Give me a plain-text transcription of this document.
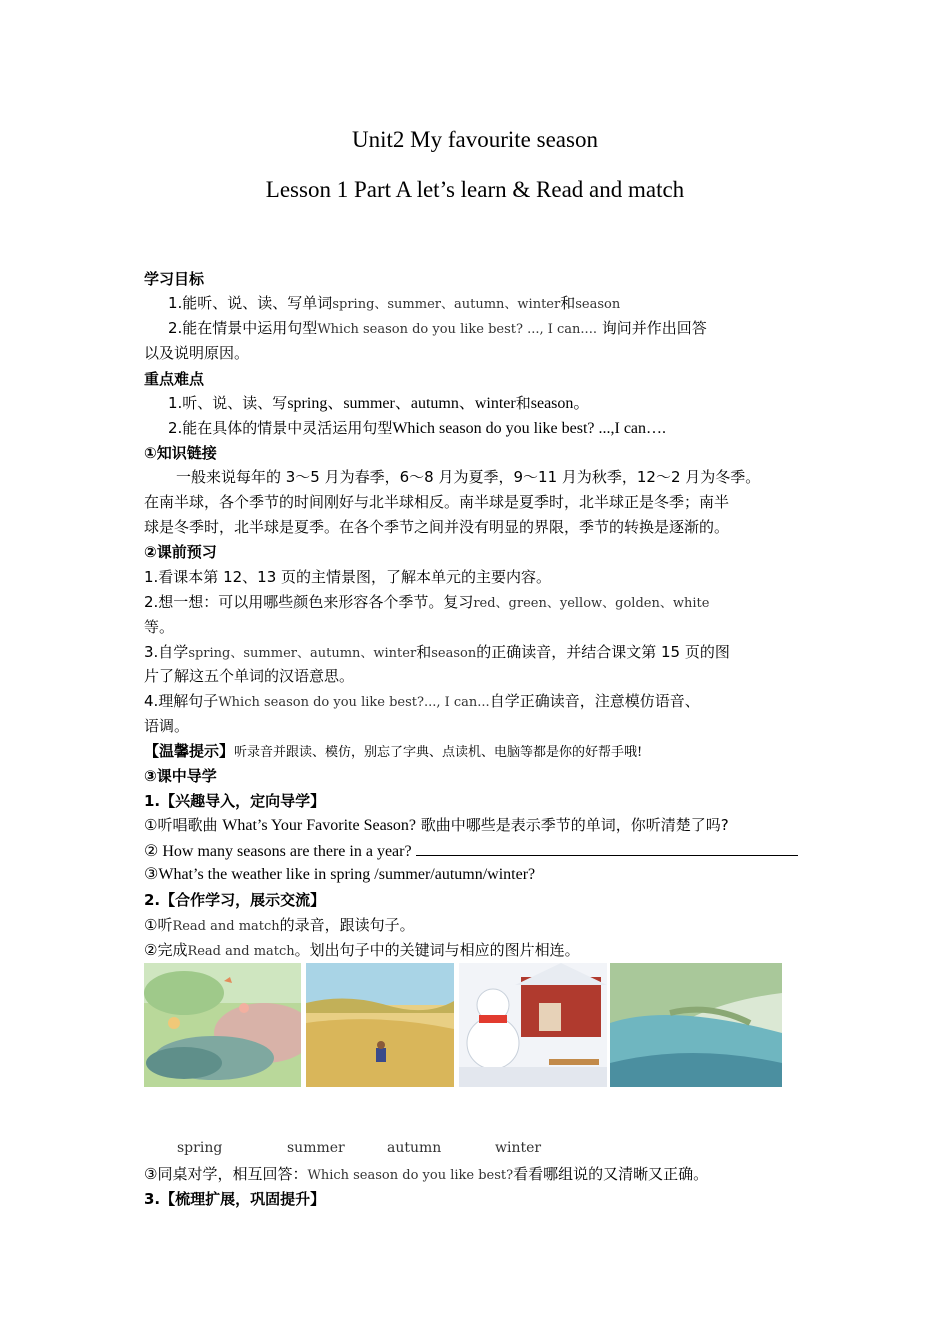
Unit2 My favourite season
Lesson 1 Part A let’s learn & Read and match
学习目标
1.能听、说、读、写单词spring、summer、autumn、winter和season
2.能在情景中运用句型Which season do you like best? ..., I can.... 询问并作出回答
以及说明原因。
重点难点
1.听、说、读、写spring、summer、autumn、winter和season。
2.能在具体的情景中灵活运用句型Which season do you like best? ...,I can….
①知识链接
一般来说每年的 3～5 月为春季，6～8 月为夏季，9～11 月为秋季，12～2 月为冬季。
在南半球，各个季节的时间刚好与北半球相反。南半球是夏季时，北半球正是冬季；南半
球是冬季时，北半球是夏季。在各个季节之间并没有明显的界限，季节的转换是逐渐的。
②课前预习
1.看课本第 12、13 页的主情景图，了解本单元的主要内容。
2.想一想：可以用哪些颜色来形容各个季节。复习red、green、yellow、golden、white
等。
3.自学spring、summer、autumn、winter和season的正确读音，并结合课文第 15 页的图
片了解这五个单词的汉语意思。
4.理解句子Which season do you like best?..., I can...自学正确读音，注意模仿语音、
语调。
【温馨提示】听录音并跟读、模仿，别忘了字典、点读机、电脑等都是你的好帮手哦!
③课中导学
1.【兴趣导入，定向导学】
①听唱歌曲 What’s Your Favorite Season? 歌曲中哪些是表示季节的单词，你听清楚了吗?
② How many seasons are there in a year?
③What’s the weather like in spring /summer/autumn/winter?
2.【合作学习，展示交流】
①听Read and match的录音，跟读句子。
②完成Read and match。划出句子中的关键词与相应的图片相连。
spring	summer	autumn	winter
③同桌对学，相互回答：Which season do you like best?看看哪组说的又清晰又正确。
3.【梳理扩展，巩固提升】
